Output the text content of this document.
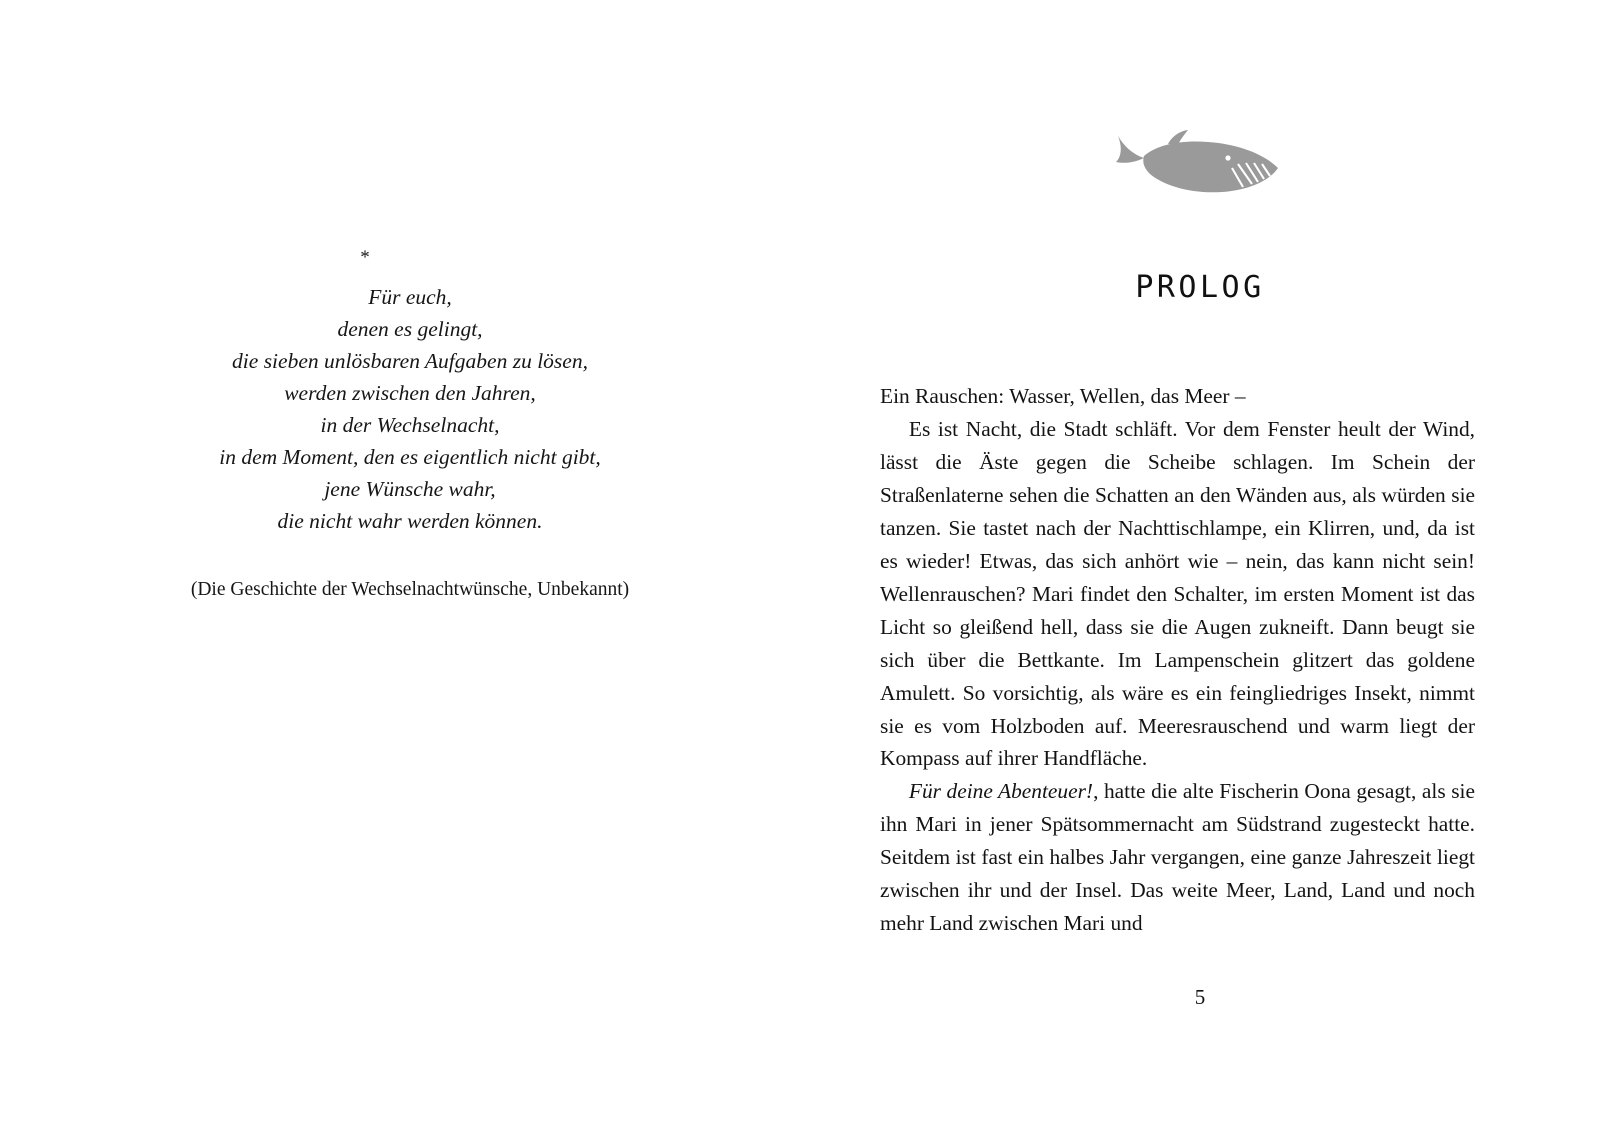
*
Für euch,
denen es gelingt,
die sieben unlösbaren Aufgaben zu lösen,
werden zwischen den Jahren,
in der Wechselnacht,
in dem Moment, den es eigentlich nicht gibt,
jene Wünsche wahr,
die nicht wahr werden können.
(Die Geschichte der Wechselnachtwünsche, Unbekannt)
PROLOG

Ein Rauschen: Wasser, Wellen, das Meer –

Es ist Nacht, die Stadt schläft. Vor dem Fenster heult der Wind, lässt die Äste gegen die Scheibe schlagen. Im Schein der Straßenlaterne sehen die Schatten an den Wänden aus, als würden sie tanzen. Sie tastet nach der Nachttischlampe, ein Klirren, und, da ist es wieder! Etwas, das sich anhört wie – nein, das kann nicht sein! Wellenrauschen? Mari findet den Schalter, im ersten Moment ist das Licht so gleißend hell, dass sie die Augen zukneift. Dann beugt sie sich über die Bettkante. Im Lampenschein glitzert das goldene Amulett. So vorsichtig, als wäre es ein feingliedriges Insekt, nimmt sie es vom Holzboden auf. Meeresrauschend und warm liegt der Kompass auf ihrer Handfläche.

Für deine Abenteuer!, hatte die alte Fischerin Oona gesagt, als sie ihn Mari in jener Spätsommernacht am Südstrand zugesteckt hatte. Seitdem ist fast ein halbes Jahr vergangen, eine ganze Jahreszeit liegt zwischen ihr und der Insel. Das weite Meer, Land, Land und noch mehr Land zwischen Mari und

5
